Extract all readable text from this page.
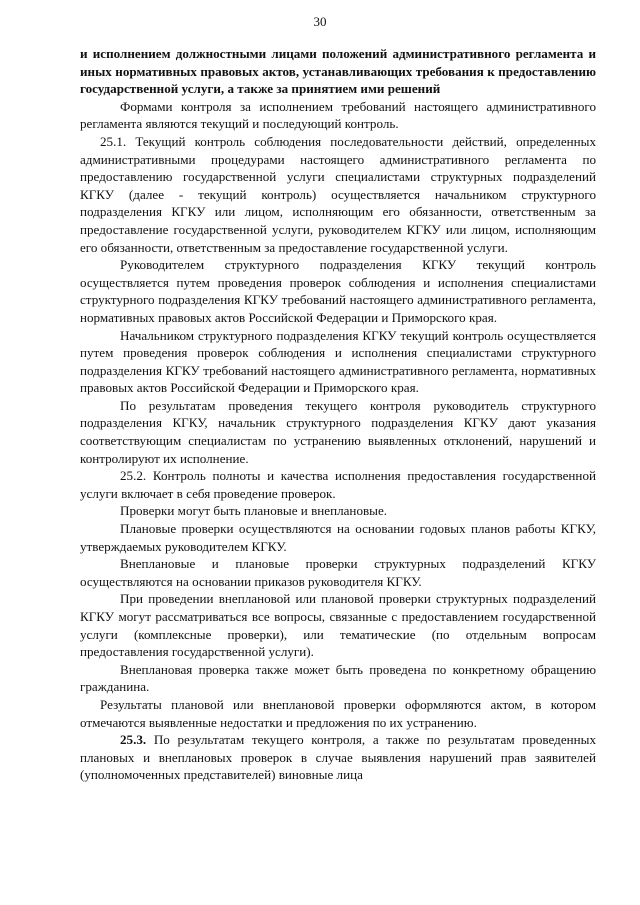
30

и исполнением должностными лицами положений административного регламента и иных нормативных правовых актов, устанавливающих требования к предоставлению государственной услуги, а также за принятием ими решений

Формами контроля за исполнением требований настоящего административного регламента являются текущий и последующий контроль.

25.1. Текущий контроль соблюдения последовательности действий, определенных административными процедурами настоящего административного регламента по предоставлению государственной услуги специалистами структурных подразделений КГКУ (далее - текущий контроль) осуществляется начальником структурного подразделения КГКУ или лицом, исполняющим его обязанности, ответственным за предоставление государственной услуги, руководителем КГКУ или лицом, исполняющим его обязанности, ответственным за предоставление государственной услуги.

Руководителем структурного подразделения КГКУ текущий контроль осуществляется путем проведения проверок соблюдения и исполнения специалистами структурного подразделения КГКУ требований настоящего административного регламента, нормативных правовых актов Российской Федерации и Приморского края.

Начальником структурного подразделения КГКУ текущий контроль осуществляется путем проведения проверок соблюдения и исполнения специалистами структурного подразделения КГКУ требований настоящего административного регламента, нормативных правовых актов Российской Федерации и Приморского края.

По результатам проведения текущего контроля руководитель структурного подразделения КГКУ, начальник структурного подразделения КГКУ дают указания соответствующим специалистам по устранению выявленных отклонений, нарушений и контролируют их исполнение.

25.2. Контроль полноты и качества исполнения предоставления государственной услуги включает в себя проведение проверок.

Проверки могут быть плановые и внеплановые.

Плановые проверки осуществляются на основании годовых планов работы КГКУ, утверждаемых руководителем КГКУ.

Внеплановые и плановые проверки структурных подразделений КГКУ осуществляются на основании приказов руководителя КГКУ.

При проведении внеплановой или плановой проверки структурных подразделений КГКУ могут рассматриваться все вопросы, связанные с предоставлением государственной услуги (комплексные проверки), или тематические (по отдельным вопросам предоставления государственной услуги).

Внеплановая проверка также может быть проведена по конкретному обращению гражданина.

Результаты плановой или внеплановой проверки оформляются актом, в котором отмечаются выявленные недостатки и предложения по их устранению.

25.3. По результатам текущего контроля, а также по результатам проведенных плановых и внеплановых проверок в случае выявления нарушений прав заявителей (уполномоченных представителей) виновные лица
